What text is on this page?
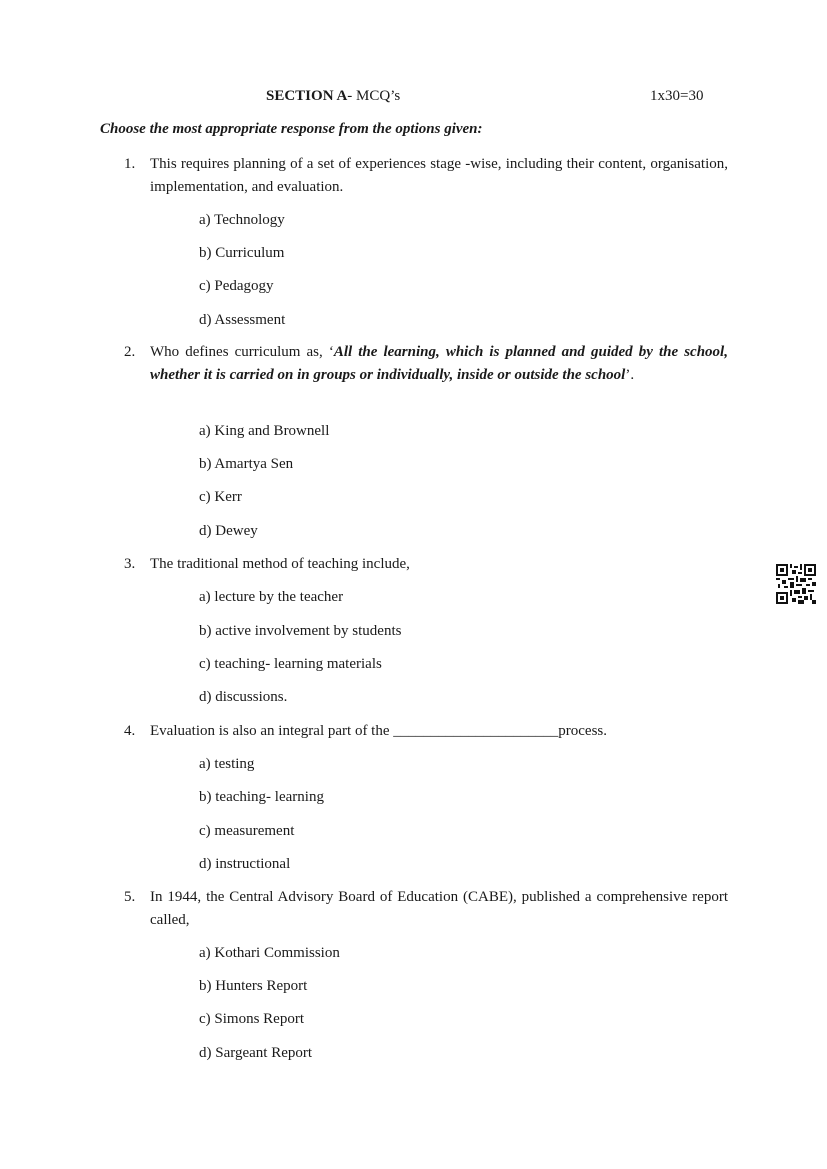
SECTION A- MCQ’s	1x30=30
Choose the most appropriate response from the options given:
1. This requires planning of a set of experiences stage -wise, including their content, organisation, implementation, and evaluation.
a) Technology
b) Curriculum
c) Pedagogy
d) Assessment
2. Who defines curriculum as, ‘All the learning, which is planned and guided by the school, whether it is carried on in groups or individually, inside or outside the school’.
a) King and Brownell
b) Amartya Sen
c) Kerr
d) Dewey
3. The traditional method of teaching include,
a) lecture by the teacher
b) active involvement by students
c) teaching- learning materials
d) discussions.
4. Evaluation is also an integral part of the ______________________process.
a) testing
b) teaching- learning
c) measurement
d) instructional
5. In 1944, the Central Advisory Board of Education (CABE), published a comprehensive report called,
a) Kothari Commission
b) Hunters Report
c) Simons Report
d) Sargeant Report
